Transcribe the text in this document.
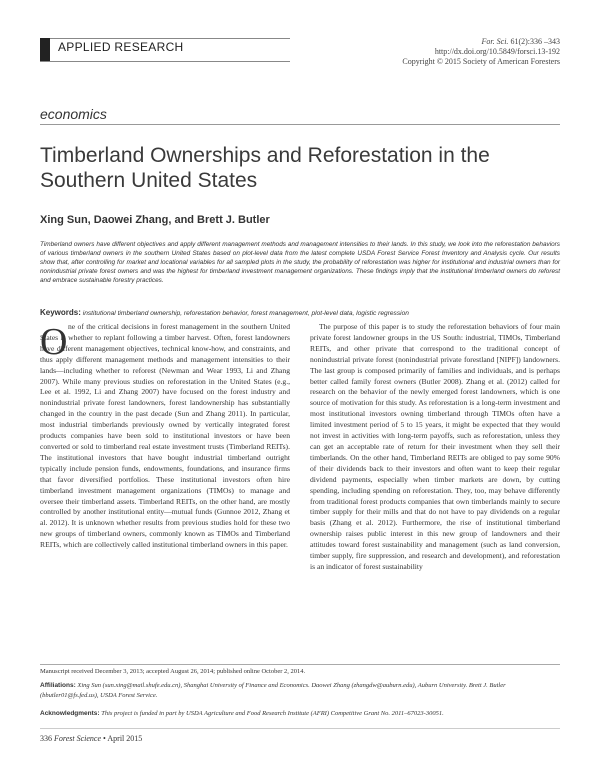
APPLIED RESEARCH	For. Sci. 61(2):336 –343
http://dx.doi.org/10.5849/forsci.13-192
Copyright © 2015 Society of American Foresters
economics
Timberland Ownerships and Reforestation in the Southern United States
Xing Sun, Daowei Zhang, and Brett J. Butler
Timberland owners have different objectives and apply different management methods and management intensities to their lands. In this study, we look into the reforestation behaviors of various timberland owners in the southern United States based on plot-level data from the latest complete USDA Forest Service Forest Inventory and Analysis cycle. Our results show that, after controlling for market and locational variables for all sampled plots in the study, the probability of reforestation was higher for institutional and industrial owners than for nonindustrial private forest owners and was the highest for timberland investment management organizations. These findings imply that the institutional timberland owners do reforest and embrace sustainable forestry practices.
Keywords: institutional timberland ownership, reforestation behavior, forest management, plot-level data, logistic regression
O ne of the critical decisions in forest management in the southern United States is whether to replant following a timber harvest. Often, forest landowners have different management objectives, technical know-how, and constraints, and thus apply different management methods and management intensities to their lands—including whether to reforest (Newman and Wear 1993, Li and Zhang 2007). While many previous studies on reforestation in the United States (e.g., Lee et al. 1992, Li and Zhang 2007) have focused on the forest industry and nonindustrial private forest landowners, forest landownership has substantially changed in the country in the past decade (Sun and Zhang 2011). In particular, most industrial timberlands previously owned by vertically integrated forest products companies have been sold to institutional investors or have been converted or sold to timberland real estate investment trusts (Timberland REITs). The institutional investors that have bought industrial timberland outright typically include pension funds, endowments, foundations, and insurance firms that favor diversified portfolios. These institutional investors often hire timberland investment management organizations (TIMOs) to manage and oversee their timberland assets. Timberland REITs, on the other hand, are mostly controlled by another institutional entity—mutual funds (Gunnoe 2012, Zhang et al. 2012). It is unknown whether results from previous studies hold for these two new groups of timberland owners, commonly known as TIMOs and Timberland REITs, which are collectively called institutional timberland owners in this paper.

The purpose of this paper is to study the reforestation behaviors of four main private forest landowner groups in the US South: industrial, TIMOs, Timberland REITs, and other private that correspond to the traditional concept of nonindustrial private forest (nonindustrial private forestland [NIPF]) landowners. The last group is composed primarily of families and individuals, and is perhaps better called family forest owners (Butler 2008). Zhang et al. (2012) called for research on the behavior of the newly emerged forest landowners, which is one source of motivation for this study. As reforestation is a long-term investment and most institutional investors owning timberland through TIMOs often have a limited investment period of 5 to 15 years, it might be expected that they would not invest in activities with long-term payoffs, such as reforestation, unless they can get an acceptable rate of return for their investment when they sell their timberlands. On the other hand, Timberland REITs are obliged to pay some 90% of their dividends back to their investors and often want to keep their regular dividend payments, especially when timber markets are down, by cutting spending, including spending on reforestation. They, too, may behave differently from traditional forest products companies that own timberlands mainly to secure timber supply for their mills and that do not have to pay dividends on a regular basis (Zhang et al. 2012). Furthermore, the rise of institutional timberland ownership raises public interest in this new group of landowners and their attitudes toward forest sustainability and management (such as land conversion, timber supply, fire suppression, and research and development), and reforestation is an indicator of forest sustainability

Manuscript received December 3, 2013; accepted August 26, 2014; published online October 2, 2014.
Affiliations: Xing Sun (sun.xing@mail.shufe.edu.cn), Shanghai University of Finance and Economics. Daowei Zhang (zhangdw@auburn.edu), Auburn University. Brett J. Butler (bbutler01@fs.fed.us), USDA Forest Service.
Acknowledgments: This project is funded in part by USDA Agriculture and Food Research Institute (AFRI) Competitive Grant No. 2011–67023-30051.
336 Forest Science • April 2015
